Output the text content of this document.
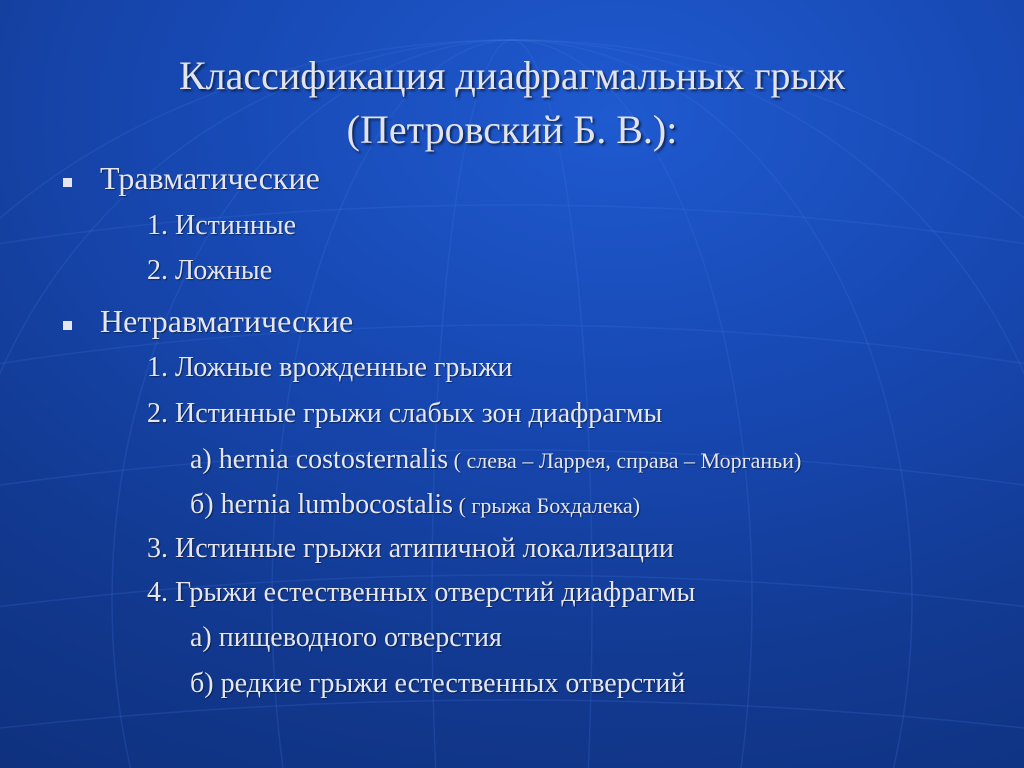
Классификация диафрагмальных грыж
(Петровский Б. В.):
Травматические
1. Истинные
2. Ложные
Нетравматические
1. Ложные врожденные грыжи
2. Истинные грыжи слабых зон диафрагмы
а) hernia costosternalis ( слева – Ларрея, справа – Морганьи)
б) hernia lumbocostalis ( грыжа Бохдалека)
3. Истинные грыжи атипичной локализации
4. Грыжи естественных отверстий диафрагмы
а) пищеводного отверстия
б) редкие грыжи естественных отверстий
